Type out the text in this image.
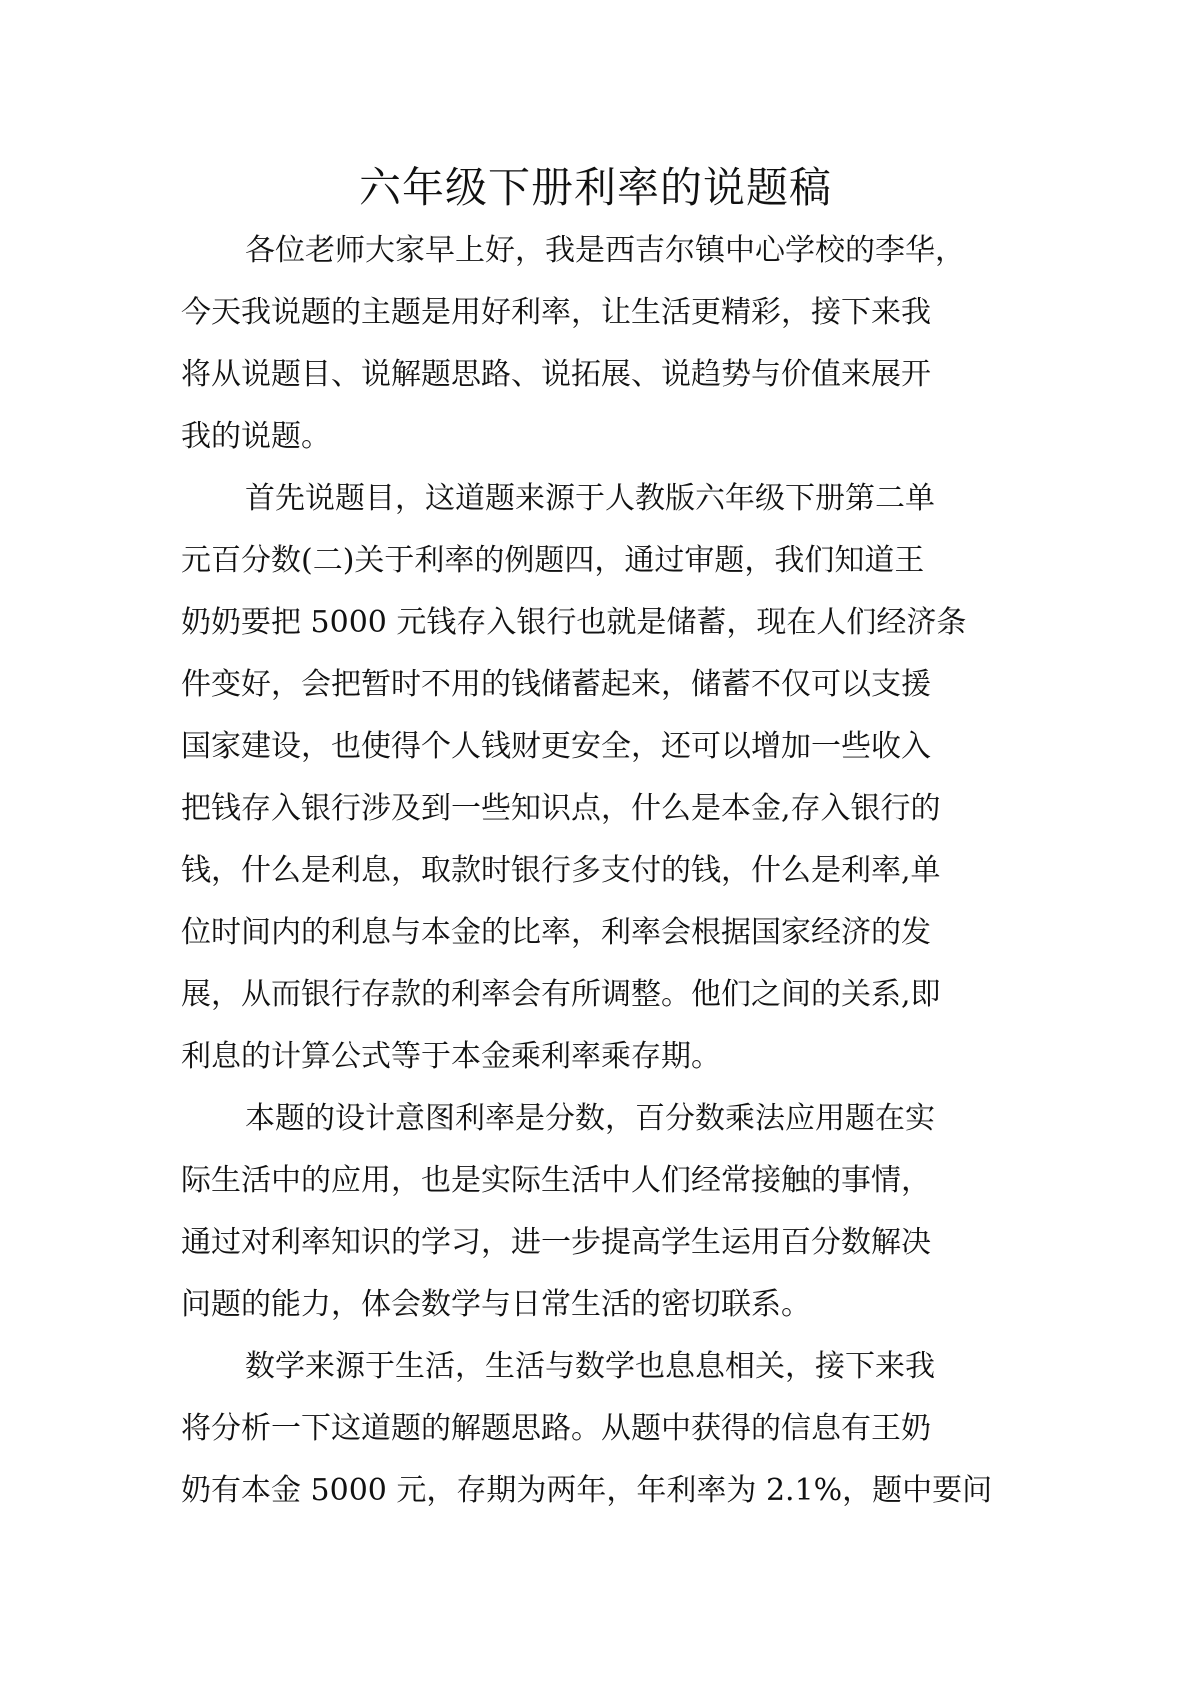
六年级下册利率的说题稿
各位老师大家早上好，我是西吉尔镇中心学校的李华，
今天我说题的主题是用好利率，让生活更精彩，接下来我
将从说题目、说解题思路、说拓展、说趋势与价值来展开
我的说题。
首先说题目，这道题来源于人教版六年级下册第二单
元百分数(二)关于利率的例题四，通过审题，我们知道王
奶奶要把 5000 元钱存入银行也就是储蓄，现在人们经济条
件变好，会把暂时不用的钱储蓄起来，储蓄不仅可以支援
国家建设，也使得个人钱财更安全，还可以增加一些收入
把钱存入银行涉及到一些知识点，什么是本金,存入银行的
钱，什么是利息，取款时银行多支付的钱，什么是利率,单
位时间内的利息与本金的比率，利率会根据国家经济的发
展，从而银行存款的利率会有所调整。他们之间的关系,即
利息的计算公式等于本金乘利率乘存期。
本题的设计意图利率是分数，百分数乘法应用题在实
际生活中的应用，也是实际生活中人们经常接触的事情，
通过对利率知识的学习，进一步提高学生运用百分数解决
问题的能力，体会数学与日常生活的密切联系。
数学来源于生活，生活与数学也息息相关，接下来我
将分析一下这道题的解题思路。从题中获得的信息有王奶
奶有本金 5000 元，存期为两年，年利率为 2.1%，题中要问
